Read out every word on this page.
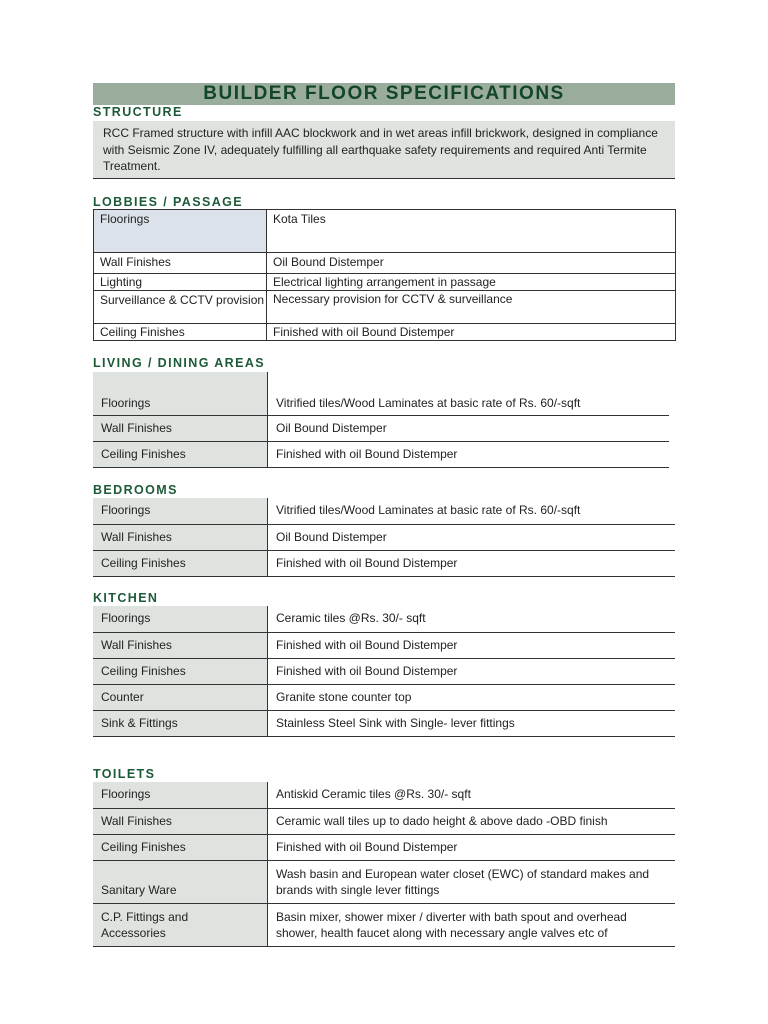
BUILDER FLOOR SPECIFICATIONS
STRUCTURE
RCC Framed structure with infill AAC blockwork and in wet areas infill brickwork, designed in compliance with Seismic Zone IV, adequately fulfilling all earthquake safety requirements and required Anti Termite Treatment.
LOBBIES / PASSAGE
Floorings	Kota Tiles
Wall Finishes	Oil Bound Distemper
Lighting	Electrical lighting arrangement in passage
Surveillance & CCTV provision	Necessary provision for CCTV & surveillance
Ceiling Finishes	Finished with oil Bound Distemper
LIVING / DINING AREAS
Floorings	Vitrified tiles/Wood Laminates at basic rate of Rs. 60/-sqft
Wall Finishes	Oil Bound Distemper
Ceiling Finishes	Finished with oil Bound Distemper
BEDROOMS
Floorings	Vitrified tiles/Wood Laminates at basic rate of Rs. 60/-sqft
Wall Finishes	Oil Bound Distemper
Ceiling Finishes	Finished with oil Bound Distemper
KITCHEN
Floorings	Ceramic tiles @Rs. 30/- sqft
Wall Finishes	Finished with oil Bound Distemper
Ceiling Finishes	Finished with oil Bound Distemper
Counter	Granite stone counter top
Sink & Fittings	Stainless Steel Sink with Single- lever fittings
TOILETS
Floorings	Antiskid Ceramic tiles @Rs. 30/- sqft
Wall Finishes	Ceramic wall tiles up to dado height & above dado -OBD finish
Ceiling Finishes	Finished with oil Bound Distemper
Sanitary Ware	Wash basin and European water closet (EWC) of standard makes and brands with single lever fittings
C.P. Fittings and Accessories	Basin mixer, shower mixer / diverter with bath spout and overhead shower, health faucet along with necessary angle valves etc of
